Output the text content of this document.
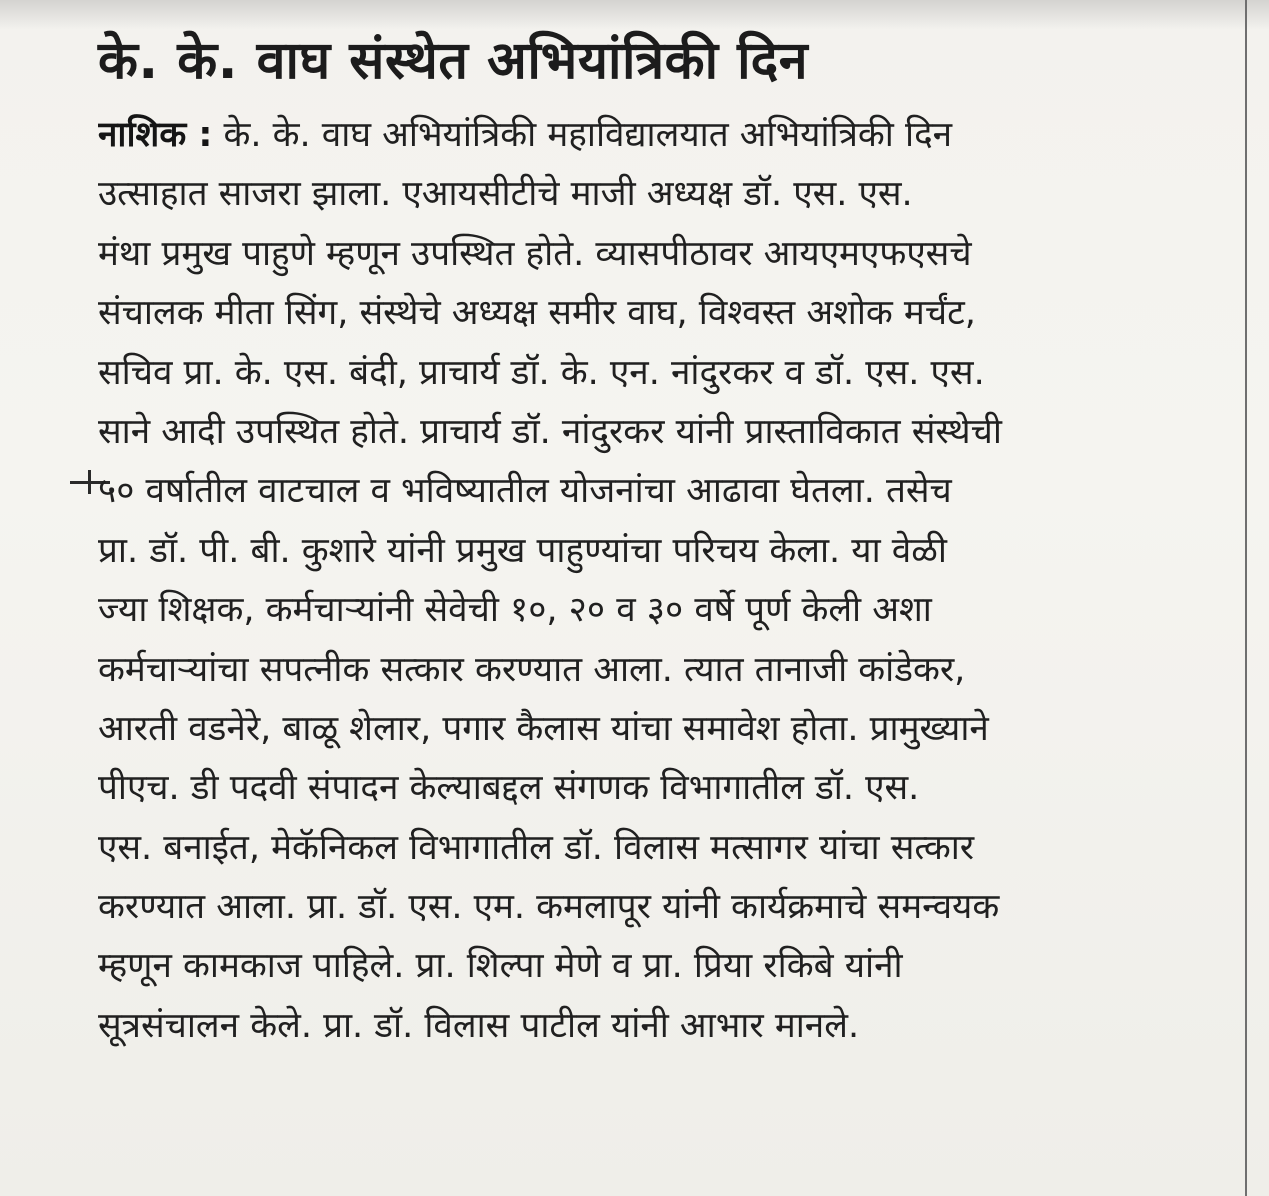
के. के. वाघ संस्थेत अभियांत्रिकी दिन
नाशिक : के. के. वाघ अभियांत्रिकी महाविद्यालयात अभियांत्रिकी दिन
उत्साहात साजरा झाला. एआयसीटीचे माजी अध्यक्ष डॉ. एस. एस.
मंथा प्रमुख पाहुणे म्हणून उपस्थित होते. व्यासपीठावर आयएमएफएसचे
संचालक मीता सिंग, संस्थेचे अध्यक्ष समीर वाघ, विश्वस्त अशोक मर्चंट,
सचिव प्रा. के. एस. बंदी, प्राचार्य डॉ. के. एन. नांदुरकर व डॉ. एस. एस.
साने आदी उपस्थित होते. प्राचार्य डॉ. नांदुरकर यांनी प्रास्ताविकात संस्थेची
५० वर्षातील वाटचाल व भविष्यातील योजनांचा आढावा घेतला. तसेच
प्रा. डॉ. पी. बी. कुशारे यांनी प्रमुख पाहुण्यांचा परिचय केला. या वेळी
ज्या शिक्षक, कर्मचाऱ्यांनी सेवेची १०, २० व ३० वर्षे पूर्ण केली अशा
कर्मचाऱ्यांचा सपत्नीक सत्कार करण्यात आला. त्यात तानाजी कांडेकर,
आरती वडनेरे, बाळू शेलार, पगार कैलास यांचा समावेश होता. प्रामुख्याने
पीएच. डी पदवी संपादन केल्याबद्दल संगणक विभागातील डॉ. एस.
एस. बनाईत, मेकॅनिकल विभागातील डॉ. विलास मत्सागर यांचा सत्कार
करण्यात आला. प्रा. डॉ. एस. एम. कमलापूर यांनी कार्यक्रमाचे समन्वयक
म्हणून कामकाज पाहिले. प्रा. शिल्पा मेणे व प्रा. प्रिया रकिबे यांनी
सूत्रसंचालन केले. प्रा. डॉ. विलास पाटील यांनी आभार मानले.
